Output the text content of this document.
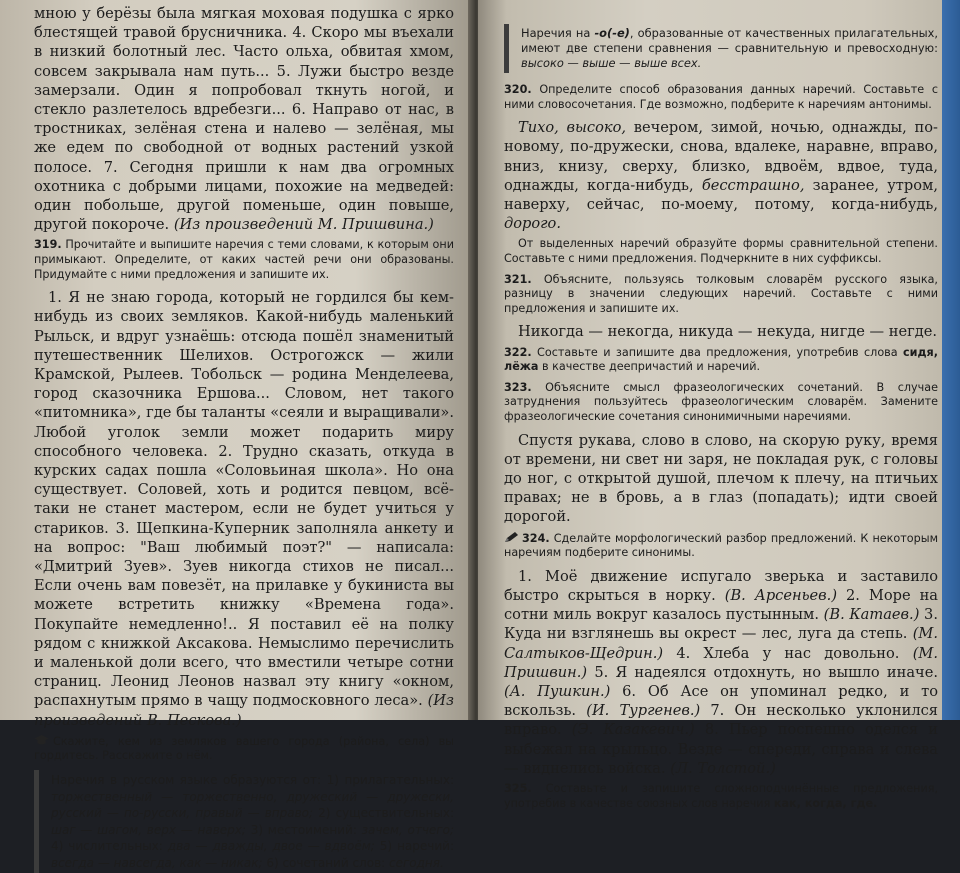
мною у берёзы была мягкая моховая подушка с ярко блестящей травой брусничника. 4. Скоро мы въехали в низкий болотный лес. Часто ольха, обвитая хмом, совсем закрывала нам путь... 5. Лужи быстро везде замерзали. Один я попробовал ткнуть ногой, и стекло разлетелось вдребезги... 6. Направо от нас, в тростниках, зелёная стена и налево — зелёная, мы же едем по свободной от водных растений узкой полосе. 7. Сегодня пришли к нам два огромных охотника с добрыми лицами, похожие на медведей: один побольше, другой поменьше, один повыше, другой покороче. (Из произведений М. Пришвина.)

319. Прочитайте и выпишите наречия с теми словами, к которым они примыкают. Определите, от каких частей речи они образованы. Придумайте с ними предложения и запишите их.

1. Я не знаю города, который не гордился бы кем-нибудь из своих земляков. Какой-нибудь маленький Рыльск, и вдруг узнаёшь: отсюда пошёл знаменитый путешественник Шелихов. Острогожск — жили Крамской, Рылеев. Тобольск — родина Менделеева, город сказочника Ершова... Словом, нет такого «питомника», где бы таланты «сеяли и выращивали». Любой уголок земли может подарить миру способного человека. 2. Трудно сказать, откуда в курских садах пошла «Соловьиная школа». Но она существует. Соловей, хоть и родится певцом, всё-таки не станет мастером, если не будет учиться у стариков. 3. Щепкина-Куперник заполняла анкету и на вопрос: "Ваш любимый поэт?" — написала: «Дмитрий Зуев». Зуев никогда стихов не писал... Если очень вам повезёт, на прилавке у букиниста вы можете встретить книжку «Времена года». Покупайте немедленно!.. Я поставил её на полку рядом с книжкой Аксакова. Немыслимо перечислить и маленькой доли всего, что вместили четыре сотни страниц. Леонид Леонов назвал эту книгу «окном, распахнутым прямо в чащу подмосковного леса». (Из произведений В. Пескова.)

Скажите, кем из земляков вашего города (района, села) вы гордитесь. Расскажите о нём.

Наречия в русском языке образуются от: 1) прилагательных: торжественный — торжественно, дружеский — дружески, русский — по-русски, правый — вправо; 2) существительных: шаг — шагом, верх — наверх; 3) местоимений: зачем, отчего; 4) числительных: два — дважды, двое — вдвоём; 5) наречий: всегда — навсегда, как — никак; 6) сочетаний слов: сегодня.
Наречия на -о(-е), образованные от качественных прилагательных, имеют две степени сравнения — сравнительную и превосходную: высоко — выше — выше всех.

320. Определите способ образования данных наречий. Составьте с ними словосочетания. Где возможно, подберите к наречиям антонимы.

Тихо, высоко, вечером, зимой, ночью, однажды, по-новому, по-дружески, снова, вдалеке, наравне, вправо, вниз, книзу, сверху, близко, вдвоём, вдвое, туда, однажды, когда-нибудь, бесстрашно, заранее, утром, наверху, сейчас, по-моему, потому, когда-нибудь, дорого.

От выделенных наречий образуйте формы сравнительной степени. Составьте с ними предложения. Подчеркните в них суффиксы.

321. Объясните, пользуясь толковым словарём русского языка, разницу в значении следующих наречий. Составьте с ними предложения и запишите их.

Никогда — некогда, никуда — некуда, нигде — негде.

322. Составьте и запишите два предложения, употребив слова сидя, лёжа в качестве деепричастий и наречий.

323. Объясните смысл фразеологических сочетаний. В случае затруднения пользуйтесь фразеологическим словарём. Замените фразеологические сочетания синонимичными наречиями.

Спустя рукава, слово в слово, на скорую руку, время от времени, ни свет ни заря, не покладая рук, с головы до ног, с открытой душой, плечом к плечу, на птичьих правах; не в бровь, а в глаз (попадать); идти своей дорогой.

324. Сделайте морфологический разбор предложений. К некоторым наречиям подберите синонимы.

1. Моё движение испугало зверька и заставило быстро скрыться в норку. (В. Арсеньев.) 2. Море на сотни миль вокруг казалось пустынным. (В. Катаев.) 3. Куда ни взглянешь вы окрест — лес, луга да степь. (М. Салтыков-Щедрин.) 4. Хлеба у нас довольно. (М. Пришвин.) 5. Я надеялся отдохнуть, но вышло иначе. (А. Пушкин.) 6. Об Асе он упоминал редко, и то вскользь. (И. Тургенев.) 7. Он несколько уклонился вправо. (Э. Казакевич.) 8. Пьер поспешно оделся и выбежал на крыльцо. Везде — спереди, справа и слева — виднелись войска. (Л. Толстой.)

325. Составьте и запишите сложноподчинённые предложения, употребив в качестве союзных слов наречия как, когда, где.
